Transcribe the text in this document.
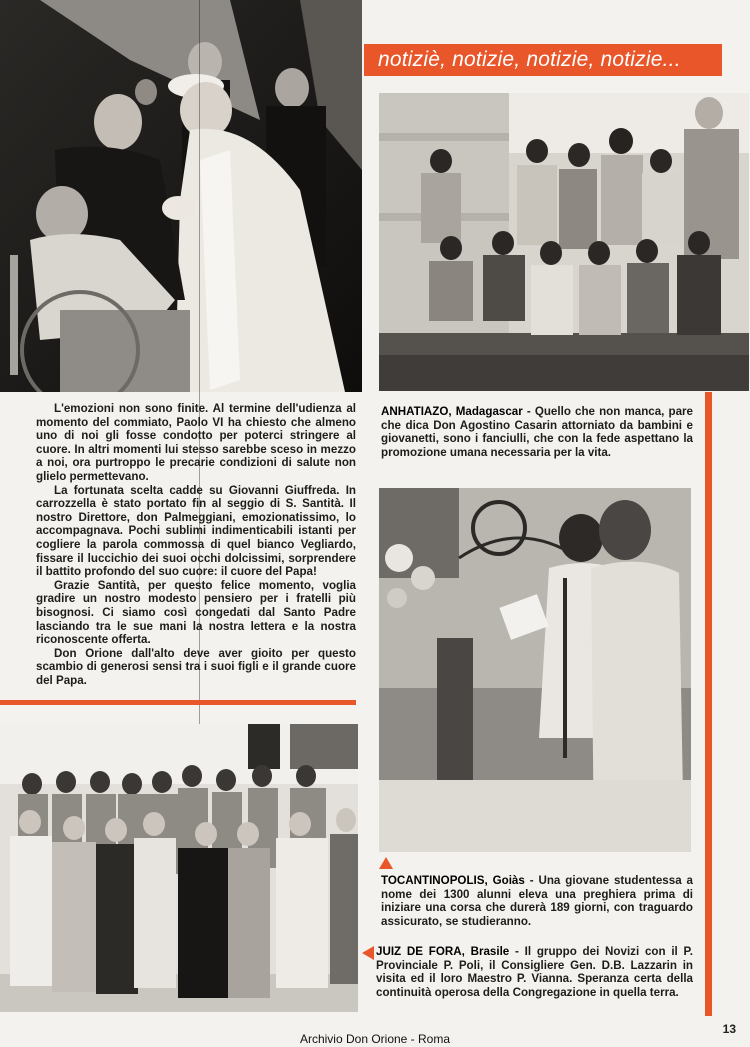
notiziè, notizie, notizie, notizie...

L'emozioni non sono finite. Al termine dell'udienza al momento del commiato, Paolo VI ha chiesto che almeno uno di noi gli fosse condotto per poterci stringere al cuore. In altri momenti lui stesso sarebbe sceso in mezzo a noi, ora purtroppo le precarie condizioni di salute non glielo permettevano.

La fortunata scelta cadde su Giovanni Giuffreda. In carrozzella è stato portato fin al seggio di S. Santità. Il nostro Direttore, don Palmeggiani, emozionatissimo, lo accompagnava. Pochi sublimi indimenticabili istanti per cogliere la parola commossa di quel bianco Vegliardo, fissare il luccichio dei suoi occhi dolcissimi, sorprendere il battito profondo del suo cuore: il cuore del Papa!

Grazie Santità, per questo felice momento, voglia gradire un nostro modesto pensiero per i fratelli più bisognosi. Ci siamo così congedati dal Santo Padre lasciando tra le sue mani la nostra lettera e la nostra riconoscente offerta.

Don Orione dall'alto deve aver gioito per questo scambio di generosi sensi tra i suoi figli e il grande cuore del Papa.

ANHATIAZO, Madagascar - Quello che non manca, pare che dica Don Agostino Casarin attorniato da bambini e giovanetti, sono i fanciulli, che con la fede aspettano la promozione umana necessaria per la vita.
TOCANTINOPOLIS, Goiàs - Una giovane studentessa a nome dei 1300 alunni eleva una preghiera prima di iniziare una corsa che durerà 189 giorni, con traguardo assicurato, se studieranno.
JUIZ DE FORA, Brasile - Il gruppo dei Novizi con il P. Provinciale P. Poli, il Consigliere Gen. D.B. Lazzarin in visita ed il loro Maestro P. Vianna. Speranza certa della continuità operosa della Congregazione in quella terra.
13
Archivio Don Orione - Roma
